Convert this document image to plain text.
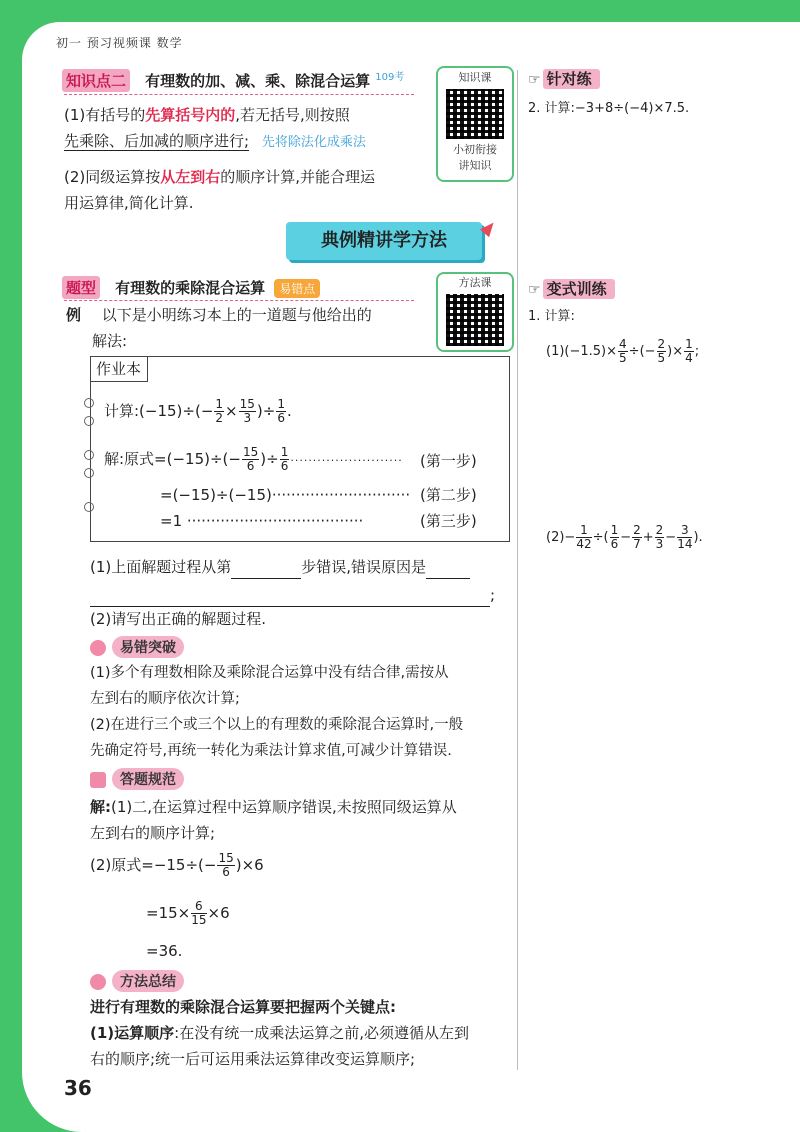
初一 预习视频课 数学
知识点二 有理数的加、减、乘、除混合运算 $^{109考}$
(1)有括号的先算括号内的,若无括号,则按照
先乘除、后加减的顺序进行; 先将除法化成乘法
(2)同级运算按从左到右的顺序计算,并能合理运
用运算律,简化计算.
知识课
小初衔接
讲知识
典例精讲学方法
题型 有理数的乘除混合运算 易错点	方法课
例 以下是小明练习本上的一道题与他给出的
解法:
作业本
计算:(−15)÷(− $\frac{1}{2} \times \frac{15}{3}$ )÷ $\frac{1}{6}$ .
解:原式$=(-15)\div(- \frac{15}{6}$ )÷ $\frac{1}{6}$ ·························	(第一步)
=(−15)÷(−15)····························· (第二步)
=1 ·····································	(第三步)
(1)上面解题过程从第	步错误,错误原因是
;
(2)请写出正确的解题过程.
易错突破
(1)多个有理数相除及乘除混合运算中没有结合律,需按从
左到右的顺序依次计算;
(2)在进行三个或三个以上的有理数的乘除混合运算时,一般
先确定符号,再统一转化为乘法计算求值,可减少计算错误.
答题规范
解:(1)二,在运算过程中运算顺序错误,未按照同级运算从
左到右的顺序计算;
(2)原式$=-15\div(- \frac{15}{6} )\times 6$
$=15\times \frac{6}{15} \times 6$
=36.
方法总结
进行有理数的乘除混合运算要把握两个关键点:
(1)运算顺序:在没有统一成乘法运算之前,必须遵循从左到
右的顺序;统一后可运用乘法运算律改变运算顺序;
36
☞ 针对练
2. 计算:−3+8÷(−4)×7.5.
☞ 变式训练
1. 计算:
$(1)(-1.5)\times \frac{4}{5}$ ÷(− $\frac{2}{5}$ )× $\frac{1}{4}$ ;
$(2)- \frac{1}{42}$ ÷( $\frac{1}{6} - \frac{2}{7} + \frac{2}{3} - \frac{3}{14}$ ).
